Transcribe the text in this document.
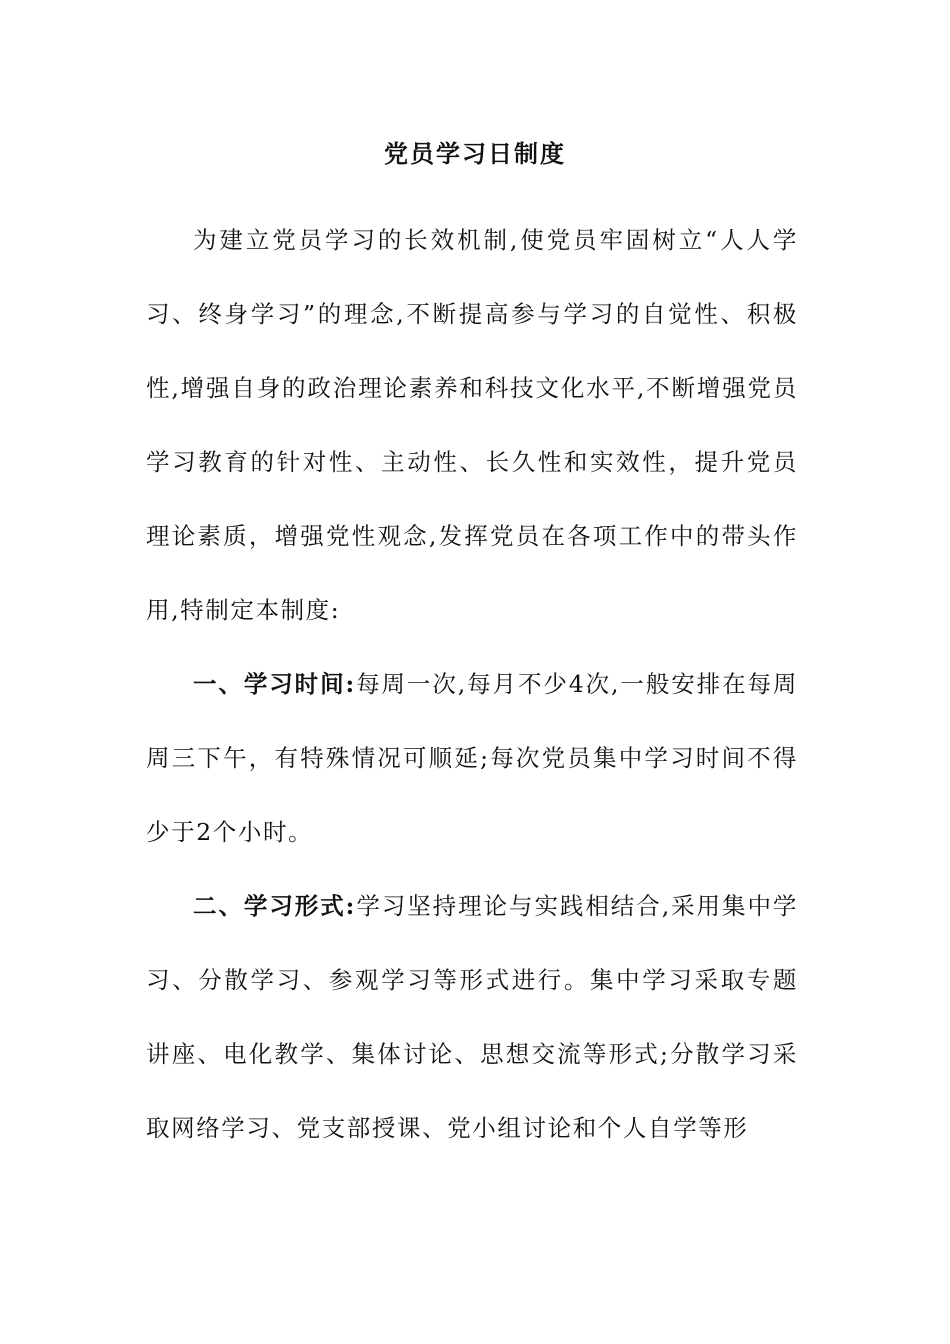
党员学习日制度

为建立党员学习的长效机制,使党员牢固树立“人人学习、终身学习”的理念,不断提高参与学习的自觉性、积极性,增强自身的政治理论素养和科技文化水平,不断增强党员学习教育的针对性、主动性、长久性和实效性，提升党员理论素质，增强党性观念,发挥党员在各项工作中的带头作用,特制定本制度:

一、学习时间:每周一次,每月不少4次,一般安排在每周周三下午，有特殊情况可顺延;每次党员集中学习时间不得少于2个小时。

二、学习形式:学习坚持理论与实践相结合,采用集中学习、分散学习、参观学习等形式进行。集中学习采取专题讲座、电化教学、集体讨论、思想交流等形式;分散学习采取网络学习、党支部授课、党小组讨论和个人自学等形
